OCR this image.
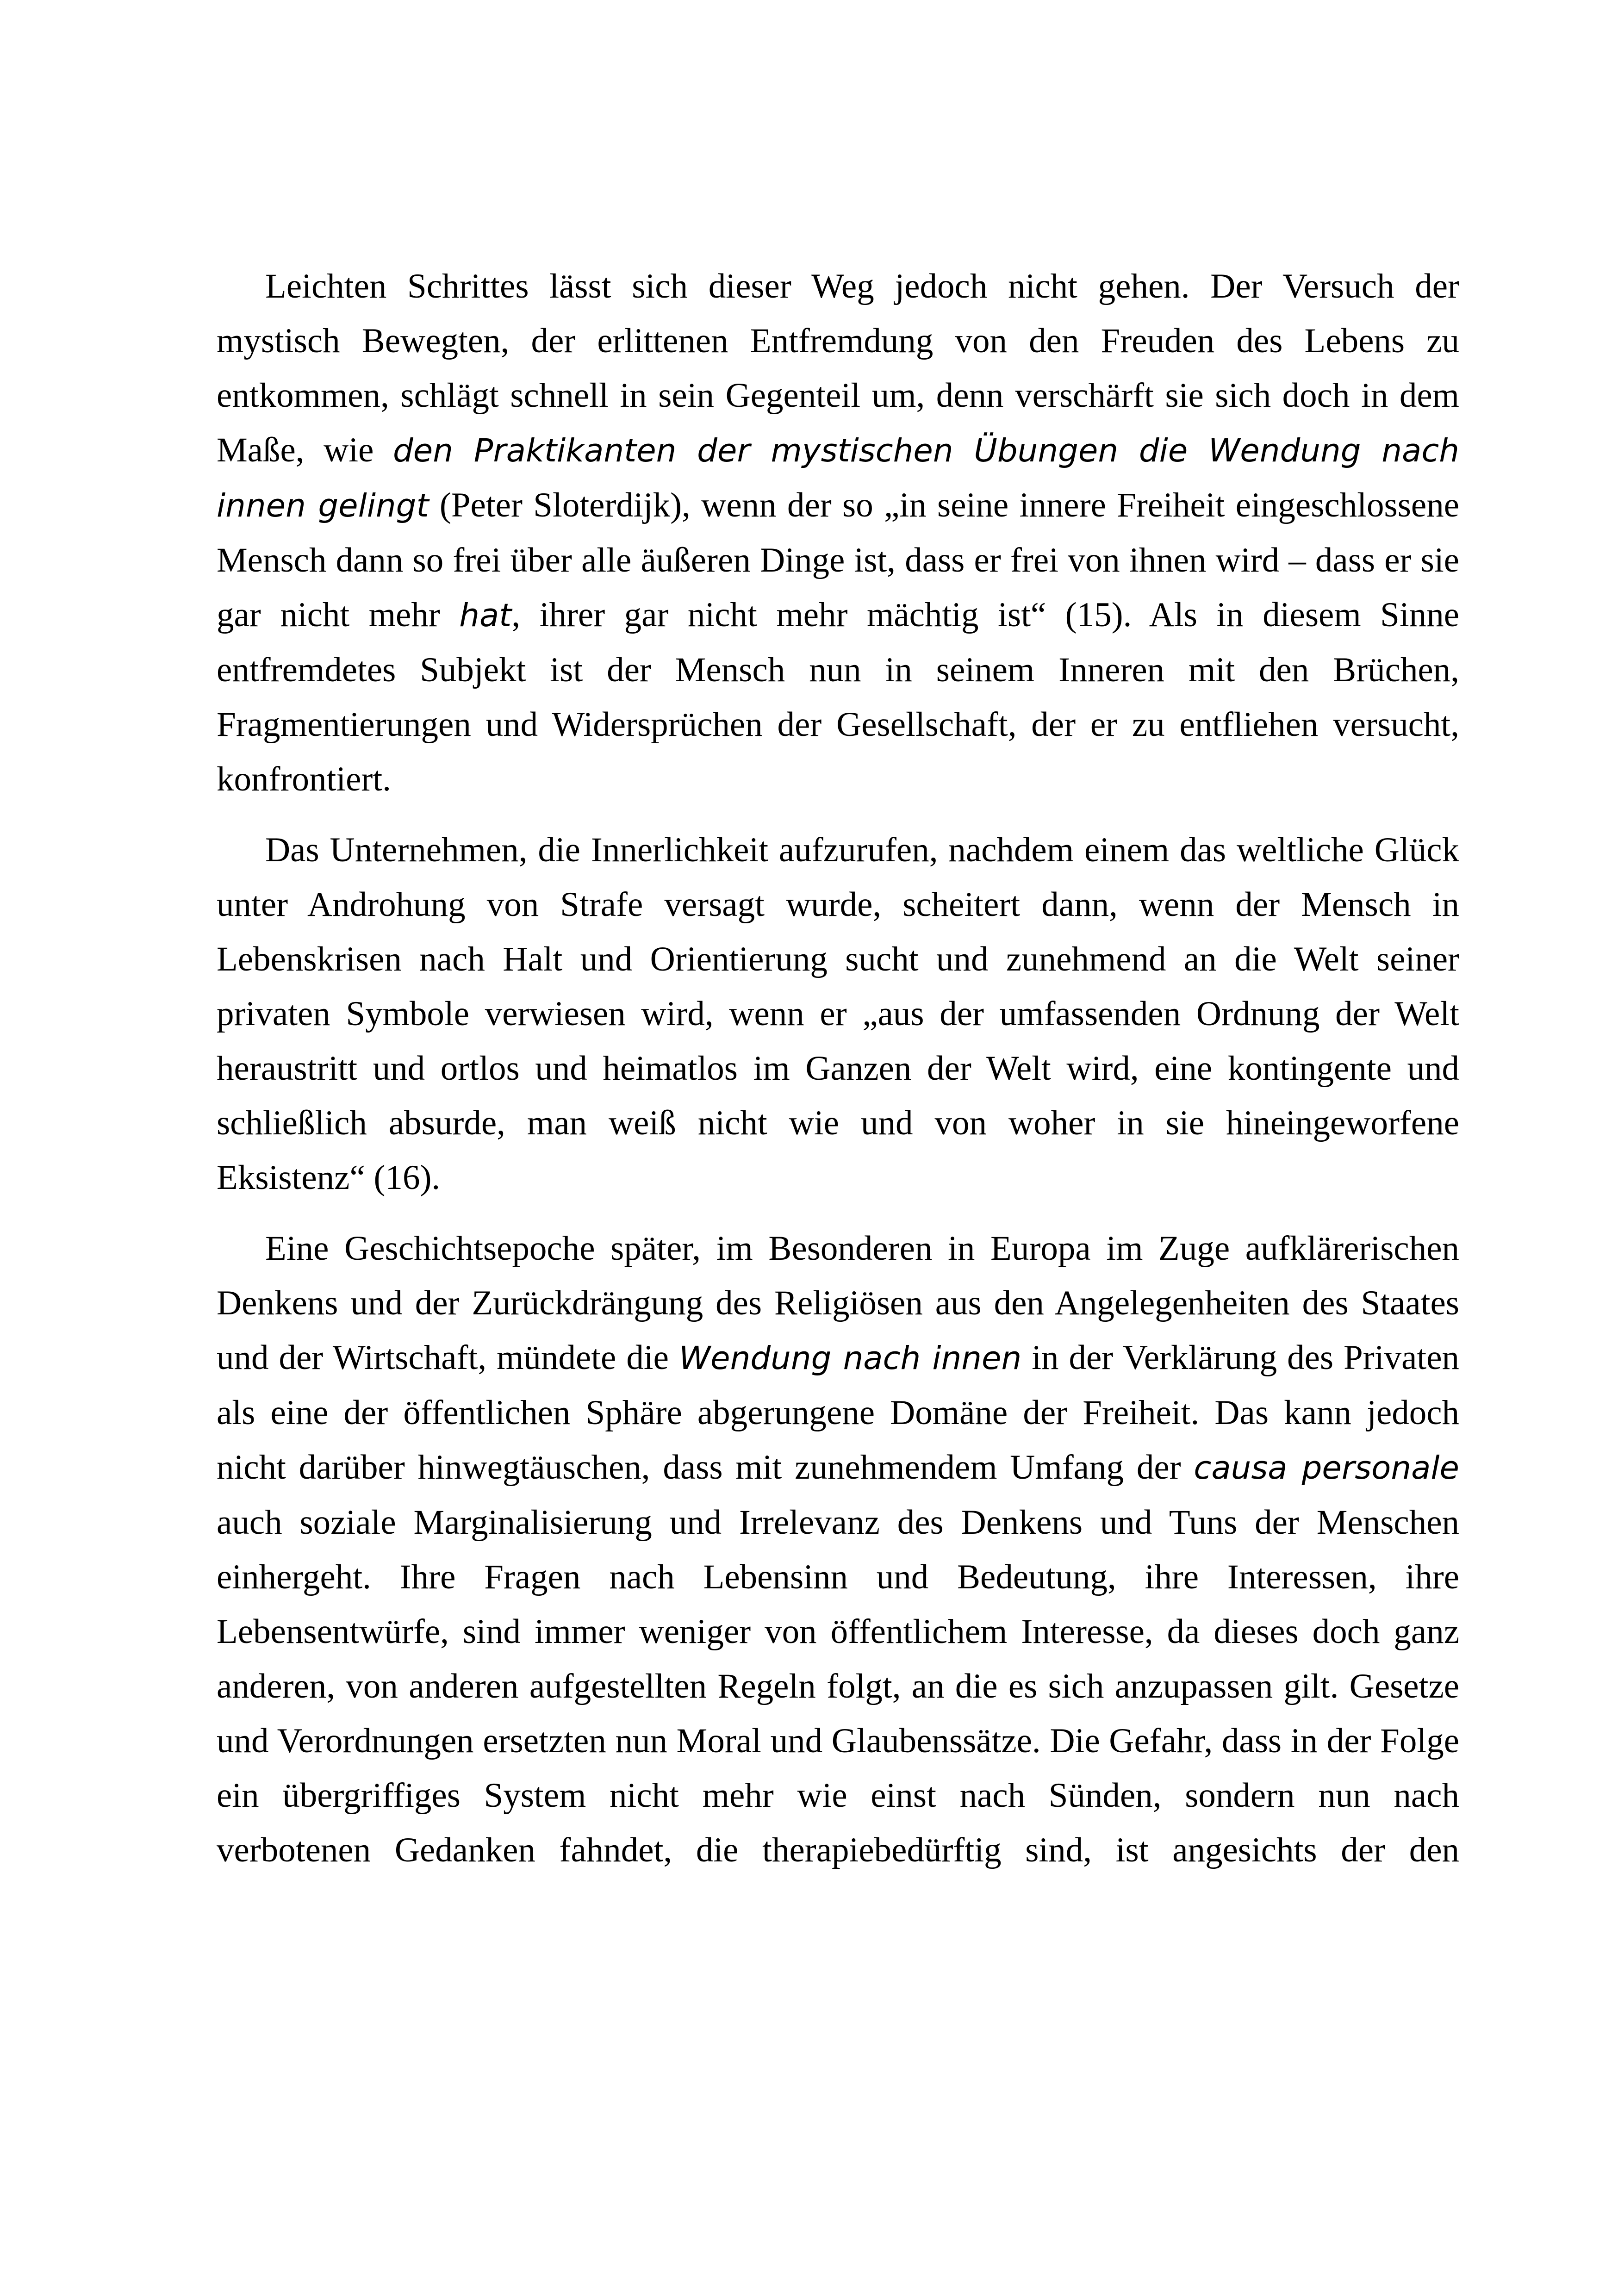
Leichten Schrittes lässt sich dieser Weg jedoch nicht gehen. Der Versuch der mystisch Bewegten, der erlittenen Entfremdung von den Freuden des Lebens zu entkommen, schlägt schnell in sein Gegenteil um, denn verschärft sie sich doch in dem Maße, wie den Praktikanten der mystischen Übungen die Wendung nach innen gelingt (Peter Sloterdijk), wenn der so „in seine innere Freiheit eingeschlossene Mensch dann so frei über alle äußeren Dinge ist, dass er frei von ihnen wird – dass er sie gar nicht mehr hat, ihrer gar nicht mehr mächtig ist“ (15). Als in diesem Sinne entfremdetes Subjekt ist der Mensch nun in seinem Inneren mit den Brüchen, Fragmentierungen und Widersprüchen der Gesellschaft, der er zu entfliehen versucht, konfrontiert.

Das Unternehmen, die Innerlichkeit aufzurufen, nachdem einem das weltliche Glück unter Androhung von Strafe versagt wurde, scheitert dann, wenn der Mensch in Lebenskrisen nach Halt und Orientierung sucht und zunehmend an die Welt seiner privaten Symbole verwiesen wird, wenn er „aus der umfassenden Ordnung der Welt heraustritt und ortlos und heimatlos im Ganzen der Welt wird, eine kontingente und schließlich absurde, man weiß nicht wie und von woher in sie hineingeworfene Eksistenz“ (16).

Eine Geschichtsepoche später, im Besonderen in Europa im Zuge aufklärerischen Denkens und der Zurückdrängung des Religiösen aus den Angelegenheiten des Staates und der Wirtschaft, mündete die Wendung nach innen in der Verklärung des Privaten als eine der öffentlichen Sphäre abgerungene Domäne der Freiheit. Das kann jedoch nicht darüber hinwegtäuschen, dass mit zunehmendem Umfang der causa personale auch soziale Marginalisierung und Irrelevanz des Denkens und Tuns der Menschen einhergeht. Ihre Fragen nach Lebensinn und Bedeutung, ihre Interessen, ihre Lebensentwürfe, sind immer weniger von öffentlichem Interesse, da dieses doch ganz anderen, von anderen aufgestellten Regeln folgt, an die es sich anzupassen gilt. Gesetze und Verordnungen ersetzten nun Moral und Glaubenssätze. Die Gefahr, dass in der Folge ein übergriffiges System nicht mehr wie einst nach Sünden, sondern nun nach verbotenen Gedanken fahndet, die therapiebedürftig sind, ist angesichts der den
